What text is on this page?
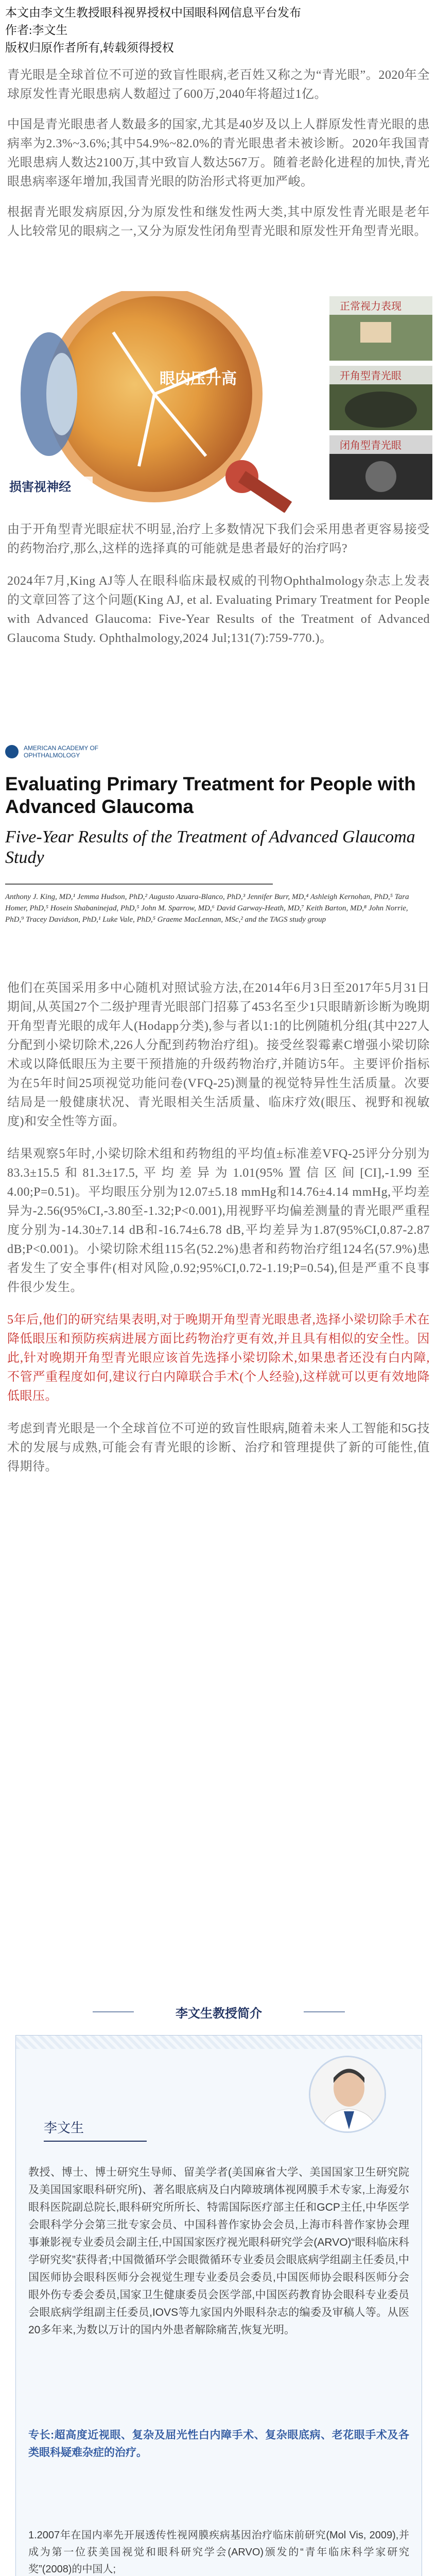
本文由李文生教授眼科视界授权中国眼科网信息平台发布

作者:李文生

版权归原作者所有,转载须得授权

青光眼是全球首位不可逆的致盲性眼病,老百姓又称之为“青光眼”。2020年全球原发性青光眼患病人数超过了600万,2040年将超过1亿。

中国是青光眼患者人数最多的国家,尤其是40岁及以上人群原发性青光眼的患病率为2.3%~3.6%;其中54.9%~82.0%的青光眼患者未被诊断。2020年我国青光眼患病人数达2100万,其中致盲人数达567万。随着老龄化进程的加快,青光眼患病率逐年增加,我国青光眼的防治形式将更加严峻。

根据青光眼发病原因,分为原发性和继发性两大类,其中原发性青光眼是老年人比较常见的眼病之一,又分为原发性闭角型青光眼和原发性开角型青光眼。

眼内压升高
损害视神经
正常视力表现
开角型青光眼
闭角型青光眼

由于开角型青光眼症状不明显,治疗上多数情况下我们会采用患者更容易接受的药物治疗,那么,这样的选择真的可能就是患者最好的治疗吗?

2024年7月,King AJ等人在眼科临床最权威的刊物Ophthalmology杂志上发表的文章回答了这个问题(King AJ, et al. Evaluating Primary Treatment for People with Advanced Glaucoma: Five-Year Results of the Treatment of Advanced Glaucoma Study. Ophthalmology,2024 Jul;131(7):759-770.)。

AMERICAN ACADEMY OF OPHTHALMOLOGY
Evaluating Primary Treatment for People with Advanced Glaucoma
Five-Year Results of the Treatment of Advanced Glaucoma Study
Anthony J. King, MD,¹ Jemma Hudson, PhD,² Augusto Azuara-Blanco, PhD,³ Jennifer Burr, MD,⁴ Ashleigh Kernohan, PhD,⁵ Tara Homer, PhD,⁵ Hosein Shabaninejad, PhD,⁵ John M. Sparrow, MD,⁶ David Garway-Heath, MD,⁷ Keith Barton, MD,⁸ John Norrie, PhD,⁹ Tracey Davidson, PhD,¹ Luke Vale, PhD,⁵ Graeme MacLennan, MSc,² and the TAGS study group

他们在英国采用多中心随机对照试验方法,在2014年6月3日至2017年5月31日期间,从英国27个二级护理青光眼部门招募了453名至少1只眼睛新诊断为晚期开角型青光眼的成年人(Hodapp分类),参与者以1:1的比例随机分组(其中227人分配到小梁切除术,226人分配到药物治疗组)。接受丝裂霉素C增强小梁切除术或以降低眼压为主要干预措施的升级药物治疗,并随访5年。主要评价指标为在5年时间25项视觉功能问卷(VFQ-25)测量的视觉特异性生活质量。次要结局是一般健康状况、青光眼相关生活质量、临床疗效(眼压、视野和视敏度)和安全性等方面。

结果观察5年时,小梁切除术组和药物组的平均值±标准差VFQ-25评分分别为83.3±15.5和81.3±17.5,平均差异为1.01(95%置信区间[CI],-1.99至4.00;P=0.51)。平均眼压分别为12.07±5.18 mmHg和14.76±4.14 mmHg,平均差异为-2.56(95%CI,-3.80至-1.32;P<0.001),用视野平均偏差测量的青光眼严重程度分别为-14.30±7.14 dB和-16.74±6.78 dB,平均差异为1.87(95%CI,0.87-2.87 dB;P<0.001)。小梁切除术组115名(52.2%)患者和药物治疗组124名(57.9%)患者发生了安全事件(相对风险,0.92;95%CI,0.72-1.19;P=0.54),但是严重不良事件很少发生。

5年后,他们的研究结果表明,对于晚期开角型青光眼患者,选择小梁切除手术在降低眼压和预防疾病进展方面比药物治疗更有效,并且具有相似的安全性。因此,针对晚期开角型青光眼应该首先选择小梁切除术,如果患者还没有白内障,不管严重程度如何,建议行白内障联合手术(个人经验),这样就可以更有效地降低眼压。

考虑到青光眼是一个全球首位不可逆的致盲性眼病,随着未来人工智能和5G技术的发展与成熟,可能会有青光眼的诊断、治疗和管理提供了新的可能性,值得期待。

李文生教授简介
李文生
教授、博士、博士研究生导师、留美学者(美国麻省大学、美国国家卫生研究院及美国国家眼科研究所)、著名眼底病及白内障玻璃体视网膜手术专家,上海爱尔眼科医院副总院长,眼科研究所所长、特需国际医疗部主任和GCP主任,中华医学会眼科学分会第三批专家会员、中国科普作家协会会员,上海市科普作家协会理事兼影视专业委员会副主任,中国国家医疗视光眼科研究学会(ARVO)“眼科临床科学研究奖”获得者;中国微循环学会眼微循环专业委员会眼底病学组副主任委员,中国医师协会眼科医师分会视觉生理专业委员会委员,中国医师协会眼科医师分会眼外伤专委会委员,国家卫生健康委员会医学部,中国医药教育协会眼科专业委员会眼底病学组副主任委员,IOVS等九家国内外眼科杂志的编委及审稿人等。从医20多年来,为数以万计的国内外患者解除痛苦,恢复光明。
专长:超高度近视眼、复杂及屈光性白内障手术、复杂眼底病、老花眼手术及各类眼科疑难杂症的治疗。

1.2007年在国内率先开展透传性视网膜疾病基因治疗临床前研究(Mol Vis, 2009),并成为第一位获美国视觉和眼科研究学会(ARVO)颁发的“青年临床科学家研究奖”(2008)的中国人;
